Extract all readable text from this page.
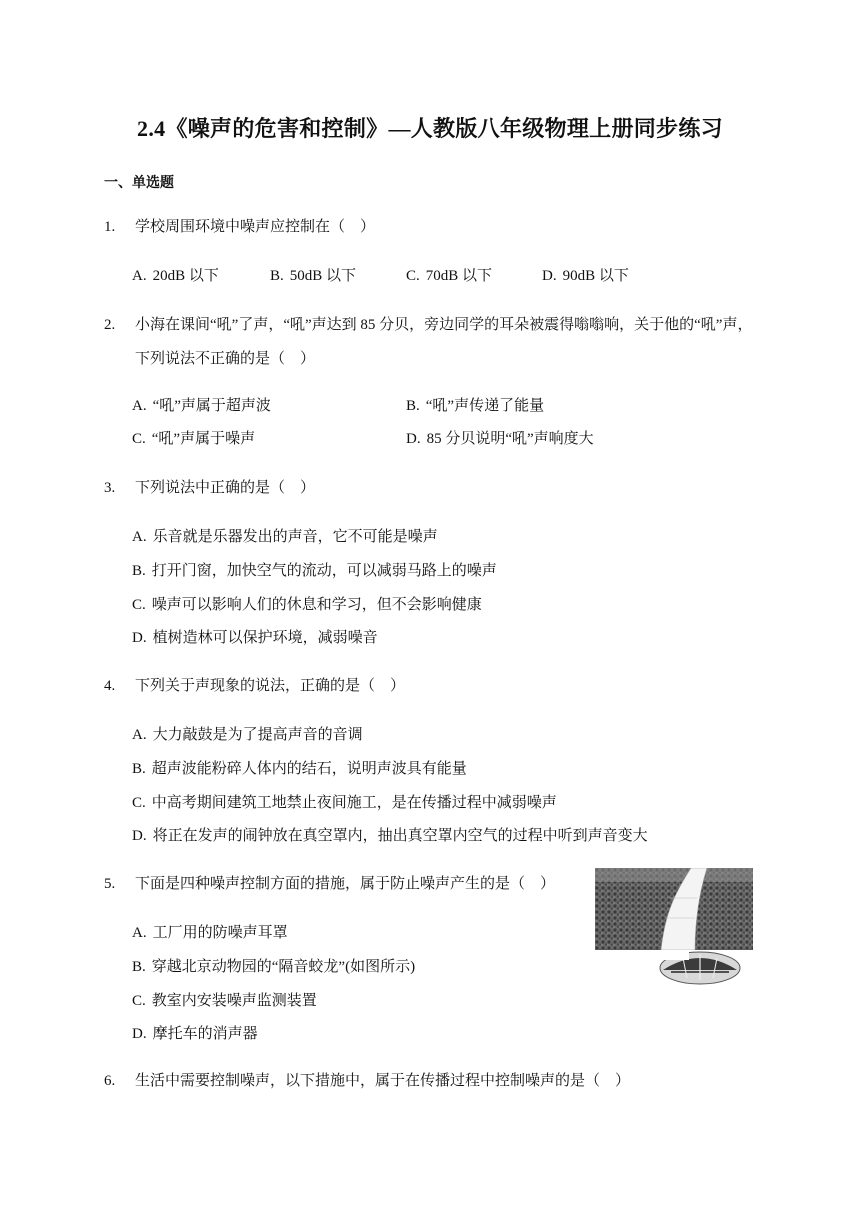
2.4《噪声的危害和控制》—人教版八年级物理上册同步练习
一、单选题
1. 学校周围环境中噪声应控制在（　）
A. 20dB 以下	B. 50dB 以下	C. 70dB 以下	D. 90dB 以下
2.	小海在课间“吼”了声，“吼”声达到 85 分贝，旁边同学的耳朵被震得嗡嗡响，关于他的“吼”声，下列说法不正确的是（　）
A. “吼”声属于超声波	B. “吼”声传递了能量
C. “吼”声属于噪声	D. 85 分贝说明“吼”声响度大
3. 下列说法中正确的是（　）
A. 乐音就是乐器发出的声音，它不可能是噪声
B. 打开门窗，加快空气的流动，可以减弱马路上的噪声
C. 噪声可以影响人们的休息和学习，但不会影响健康
D. 植树造林可以保护环境，减弱噪音
4. 下列关于声现象的说法，正确的是（　）
A. 大力敲鼓是为了提高声音的音调
B. 超声波能粉碎人体内的结石，说明声波具有能量
C. 中高考期间建筑工地禁止夜间施工，是在传播过程中减弱噪声
D. 将正在发声的闹钟放在真空罩内，抽出真空罩内空气的过程中听到声音变大
5. 下面是四种噪声控制方面的措施，属于防止噪声产生的是（　）
A. 工厂用的防噪声耳罩
B. 穿越北京动物园的“隔音蛟龙”(如图所示)
C. 教室内安装噪声监测装置
D. 摩托车的消声器
6. 生活中需要控制噪声，以下措施中，属于在传播过程中控制噪声的是（　）
